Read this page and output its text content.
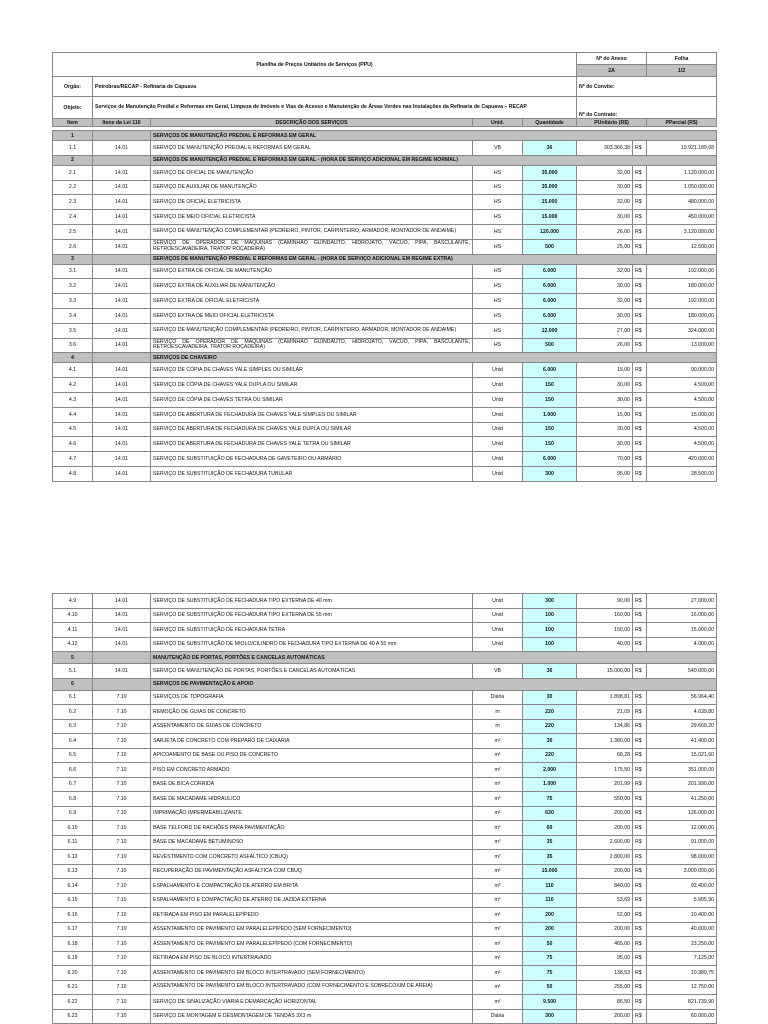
Planilha de Preços Unitários de Serviços (PPU)					Nº do Anexo	Folha
					2A	1/2
Orgão:	Petrobras/RECAP - Refinaria de Capuava				Nº do Convite:	
Objeto:	Serviços de Manutenção Predial e Reformas em Geral, Limpeza de Imóveis e Vias de Acesso e Manutenção de Áreas Verdes nas Instalações da Refinaria de Capuava – RECAP				Nº do Contrato:	
Item	Itens da Lei 116	DESCRIÇÃO DOS SERVIÇOS	Unid.	Quantidade	PUnitário (R$)	PParcial (R$)
1		SERVIÇOS DE MANUTENÇÃO PREDIAL E REFORMAS EM GERAL					
1.1	14.01	SERVIÇO DE MANUTENÇÃO PREDIAL E REFORMAS EM GERAL	VB	36	303.366,38	R$	10.921.189,68
2		SERVIÇOS DE MANUTENÇÃO PREDIAL E REFORMAS EM GERAL - (HORA DE SERVIÇO ADICIONAL EM REGIME NORMAL)					
2.1	14.01	SERVIÇO DE OFICIAL DE MANUTENÇÃO	HS	35.000	32,00	R$	1.120.000,00
2.2	14.01	SERVIÇO DE AUXILIAR DE MANUTENÇÃO	HS	35.000	30,00	R$	1.050.000,00
2.3	14.01	SERVIÇO DE OFICIAL ELETRICISTA	HS	15.000	32,00	R$	480.000,00
2.4	14.01	SERVIÇO DE MEIO OFICIAL ELETRICISTA	HS	15.000	30,00	R$	450.000,00
2.5	14.01	SERVIÇO DE MANUTENÇÃO COMPLEMENTAR (PEDREIRO, PINTOR, CARPINTEIRO, ARMADOR, MONTADOR DE ANDAIME)	HS	120.000	26,00	R$	3.120.000,00
2.6	14.01	SERVIÇO DE OPERADOR DE MÁQUINAS (CAMINHÃO GUINDAUTO, HIDROJATO, VÁCUO, PIPA, BASCULANTE, RETROESCAVADEIRA, TRATOR ROÇADEIRA)	HS	500	25,00	R$	12.500,00
3		SERVIÇOS DE MANUTENÇÃO PREDIAL E REFORMAS EM GERAL - (HORA DE SERVIÇO ADICIONAL EM REGIME EXTRA)					
3.1	14.01	SERVIÇO EXTRA DE OFICIAL DE MANUTENÇÃO	HS	6.000	32,00	R$	192.000,00
3.2	14.01	SERVIÇO EXTRA DE AUXILIAR DE MANUTENÇÃO	HS	6.000	30,00	R$	180.000,00
3.3	14.01	SERVIÇO EXTRA DE OFICIAL ELETRICISTA	HS	6.000	32,00	R$	192.000,00
3.4	14.01	SERVIÇO EXTRA DE MEIO OFICIAL ELETRICISTA	HS	6.000	30,00	R$	180.000,00
3.5	14.01	SERVIÇO DE MANUTENÇÃO COMPLEMENTAR (PEDREIRO, PINTOR, CARPINTEIRO, ARMADOR, MONTADOR DE ANDAIME)	HS	12.000	27,00	R$	324.000,00
3.6	14.01	SERVIÇO DE OPERADOR DE MÁQUINAS (CAMINHÃO GUINDAUTO, HIDROJATO, VÁCUO, PIPA, BASCULANTE, RETROESCAVADEIRA, TRATOR ROÇADEIRA)	HS	500	26,00	R$	13.000,00
4		SERVIÇOS DE CHAVEIRO					
4.1	14.01	SERVIÇO DE CÓPIA DE CHAVES YALE SIMPLES OU SIMILAR	Unid	6.000	15,00	R$	90.000,00
4.2	14.01	SERVIÇO DE CÓPIA DE CHAVES YALE DUPLA OU SIMILAR	Unid	150	30,00	R$	4.500,00
4.3	14.01	SERVIÇO DE CÓPIA DE CHAVES TETRA OU SIMILAR	Unid	150	30,00	R$	4.500,00
4.4	14.01	SERVIÇO DE ABERTURA DE FECHADURA DE CHAVES YALE SIMPLES OU SIMILAR	Unid	1.000	15,00	R$	15.000,00
4.5	14.01	SERVIÇO DE ABERTURA DE FECHADURA DE CHAVES YALE DUPLA OU SIMILAR	Unid	150	30,00	R$	4.500,00
4.6	14.01	SERVIÇO DE ABERTURA DE FECHADURA DE CHAVES YALE TETRA OU SIMILAR	Unid	150	30,00	R$	4.500,00
4.7	14.01	SERVIÇO DE SUBSTITUIÇÃO DE FECHADURA DE GAVETEIRO OU ARMÁRIO	Unid	6.000	70,00	R$	420.000,00
4.8	14.01	SERVIÇO DE SUBSTITUIÇÃO DE FECHADURA TUBULAR	Unid	300	95,00	R$	28.500,00
4.9	14.01	SERVIÇO DE SUBSTITUIÇÃO DE FECHADURA TIPO EXTERNA DE 40 mm	Unid	300	90,00	R$	27.000,00
4.10	14.01	SERVIÇO DE SUBSTITUIÇÃO DE FECHADURA TIPO EXTERNA DE 55 mm	Unid	100	160,00	R$	16.000,00
4.11	14.01	SERVIÇO DE SUBSTITUIÇÃO DE FECHADURA TETRA	Unid	100	150,00	R$	15.000,00
4.12	14.01	SERVIÇO DE SUBSTITUIÇÃO DE MIOLO/CILINDRO DE FECHADURA TIPO EXTERNA DE 40 A 55 mm	Unid	100	40,00	R$	4.000,00
5		MANUTENÇÃO DE PORTAS, PORTÕES E CANCELAS AUTOMÁTICAS					
5.1	14.01	SERVIÇO DE MANUTENÇÃO DE PORTAS, PORTÕES E CANCELAS AUTOMÁTICAS	VB	36	15.000,00	R$	540.000,00
6		SERVIÇOS DE PAVIMENTAÇÃO E APOIO					
6.1	7.10	SERVIÇOS DE TOPOGRAFIA	Diária	30	1.898,81	R$	56.964,40
6.2	7.10	REMOÇÃO DE GUIAS DE CONCRETO	m	220	21,09	R$	4.639,80
6.3	7.10	ASSENTAMENTO DE GUIAS DE CONCRETO	m	220	134,86	R$	29.669,20
6.4	7.10	SARJETA DE CONCRETO COM PREPARO DE CAIXARIA	m³	30	1.380,00	R$	41.400,00
6.5	7.10	APICOAMENTO DE BASE OU PISO DE CONCRETO	m²	220	68,28	R$	15.021,60
6.6	7.10	PISO EM CONCRETO ARMADO	m²	2.000	175,50	R$	351.000,00
6.7	7.10	BASE DE BICA CORRIDA	m³	1.000	201,99	R$	201.990,00
6.8	7.10	BASE DE MACADAME HIDRÁULICO	m³	75	550,00	R$	41.250,00
6.9	7.10	IMPRIMAÇÃO IMPERMEABILIZANTE	m²	630	200,00	R$	126.000,00
6.10	7.10	BASE TELFORD DE RACHÕES PARA PAVIMENTAÇÃO	m³	60	200,00	R$	12.000,00
6.11	7.10	BASE DE MACADAME BETUMINOSO	m³	35	2.600,00	R$	91.000,00
6.12	7.10	REVESTIMENTO COM CONCRETO ASFÁLTICO (CBUQ)	m³	35	2.800,00	R$	98.000,00
6.13	7.10	RECUPERAÇÃO DE PAVIMENTAÇÃO ASFÁLTICA COM CBUQ	m²	15.000	200,00	R$	3.000.000,00
6.14	7.10	ESPALHAMENTO E COMPACTAÇÃO DE ATERRO EM BRITA	m³	110	840,00	R$	92.400,00
6.15	7.10	ESPALHAMENTO E COMPACTAÇÃO DE ATERRO DE JAZIDA EXTERNA	m³	110	53,69	R$	5.905,90
6.16	7.10	RETIRADA EM PISO EM PARALELEPÍPEDO	m²	200	52,00	R$	10.400,00
6.17	7.10	ASSENTAMENTO DE PAVIMENTO EM PARALELEPÍPEDO (SEM FORNECIMENTO)	m²	200	200,00	R$	40.000,00
6.18	7.10	ASSENTAMENTO DE PAVIMENTO EM PARALELEPÍPEDO (COM FORNECIMENTO)	m²	50	465,00	R$	23.250,00
6.19	7.10	RETIRADA EM PISO DE BLOCO INTERTRAVADO	m²	75	95,00	R$	7.125,00
6.20	7.10	ASSENTAMENTO DE PAVIMENTO EM BLOCO INTERTRAVADO (SEM FORNECIMENTO)	m²	75	138,53	R$	10.389,75
6.21	7.10	ASSENTAMENTO DE PAVIMENTO EM BLOCO INTERTRAVADO (COM FORNECIMENTO E SOBRECOXIM DE AREIA)	m²	50	255,00	R$	12.750,00
6.22	7.10	SERVIÇO DE SINALIZAÇÃO VIÁRIA E DEMARCAÇÃO HORIZONTAL	m²	9.500	86,50	R$	821.739,90
6.23	7.10	SERVIÇO DE MONTAGEM E DESMONTAGEM DE TENDAS 3X3 m	Diária	300	200,00	R$	60.000,00
